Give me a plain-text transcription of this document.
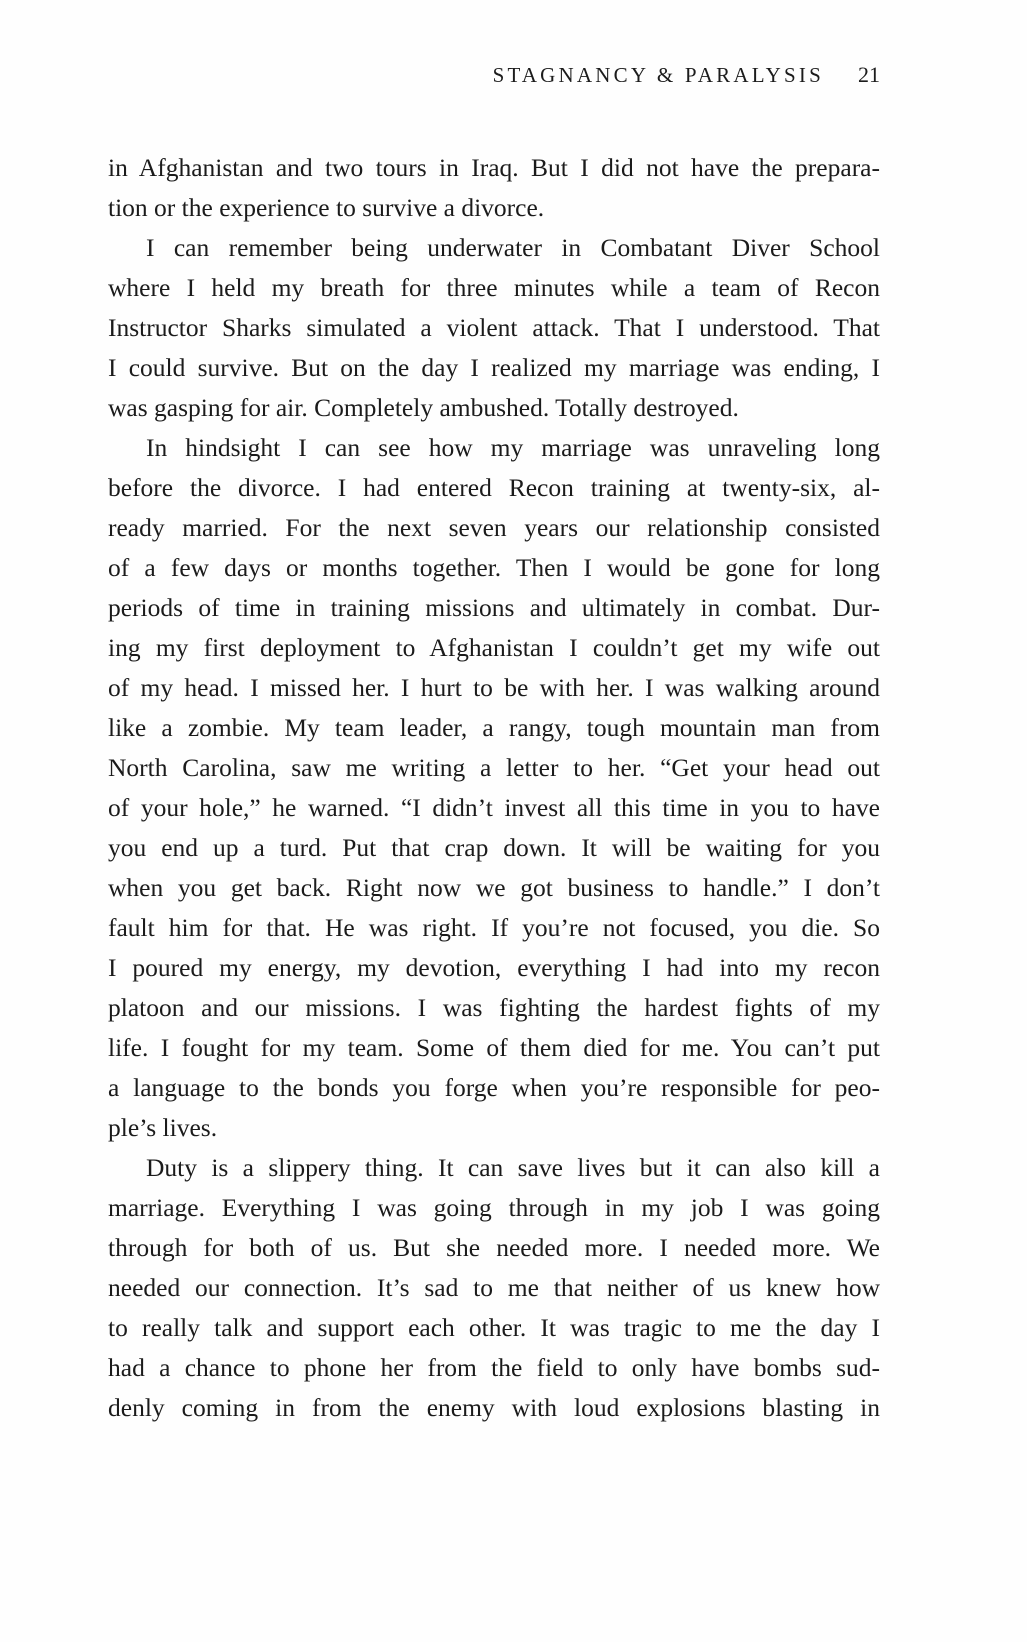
STAGNANCY & PARALYSIS 21
in Afghanistan and two tours in Iraq. But I did not have the prepara-
tion or the experience to survive a divorce.
I can remember being underwater in Combatant Diver School
where I held my breath for three minutes while a team of Recon
Instructor Sharks simulated a violent attack. That I understood. That
I could survive. But on the day I realized my marriage was ending, I
was gasping for air. Completely ambushed. Totally destroyed.
In hindsight I can see how my marriage was unraveling long
before the divorce. I had entered Recon training at twenty-six, al-
ready married. For the next seven years our relationship consisted
of a few days or months together. Then I would be gone for long
periods of time in training missions and ultimately in combat. Dur-
ing my first deployment to Afghanistan I couldn’t get my wife out
of my head. I missed her. I hurt to be with her. I was walking around
like a zombie. My team leader, a rangy, tough mountain man from
North Carolina, saw me writing a letter to her. “Get your head out
of your hole,” he warned. “I didn’t invest all this time in you to have
you end up a turd. Put that crap down. It will be waiting for you
when you get back. Right now we got business to handle.” I don’t
fault him for that. He was right. If you’re not focused, you die. So
I poured my energy, my devotion, everything I had into my recon
platoon and our missions. I was fighting the hardest fights of my
life. I fought for my team. Some of them died for me. You can’t put
a language to the bonds you forge when you’re responsible for peo-
ple’s lives.
Duty is a slippery thing. It can save lives but it can also kill a
marriage. Everything I was going through in my job I was going
through for both of us. But she needed more. I needed more. We
needed our connection. It’s sad to me that neither of us knew how
to really talk and support each other. It was tragic to me the day I
had a chance to phone her from the field to only have bombs sud-
denly coming in from the enemy with loud explosions blasting in
